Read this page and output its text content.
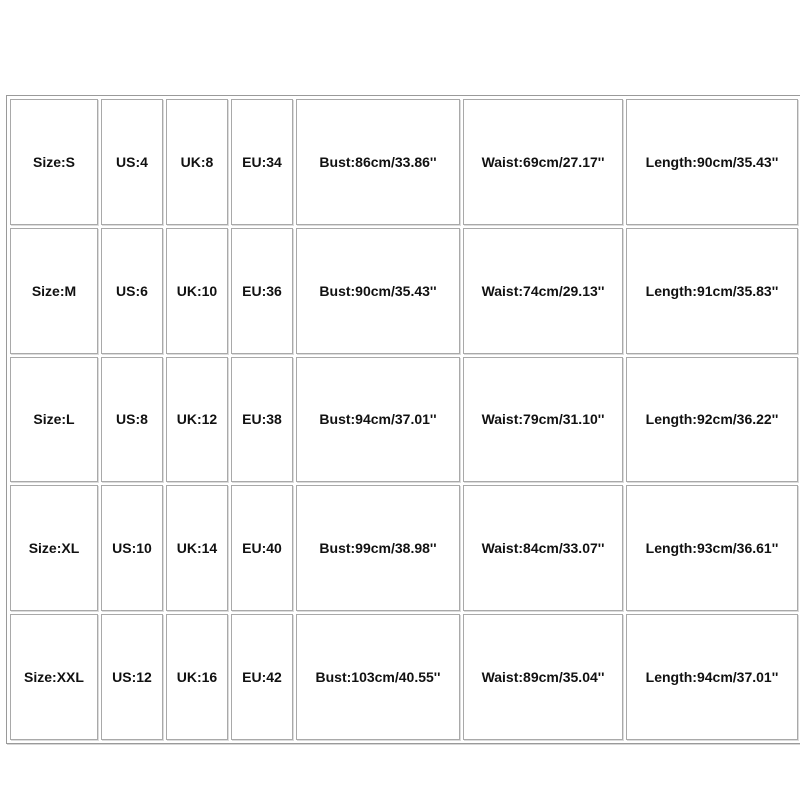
Size:S	US:4	UK:8	EU:34	Bust:86cm/33.86''	Waist:69cm/27.17''	Length:90cm/35.43''
Size:M	US:6	UK:10	EU:36	Bust:90cm/35.43''	Waist:74cm/29.13''	Length:91cm/35.83''
Size:L	US:8	UK:12	EU:38	Bust:94cm/37.01''	Waist:79cm/31.10''	Length:92cm/36.22''
Size:XL	US:10	UK:14	EU:40	Bust:99cm/38.98''	Waist:84cm/33.07''	Length:93cm/36.61''
Size:XXL	US:12	UK:16	EU:42	Bust:103cm/40.55''	Waist:89cm/35.04''	Length:94cm/37.01''
